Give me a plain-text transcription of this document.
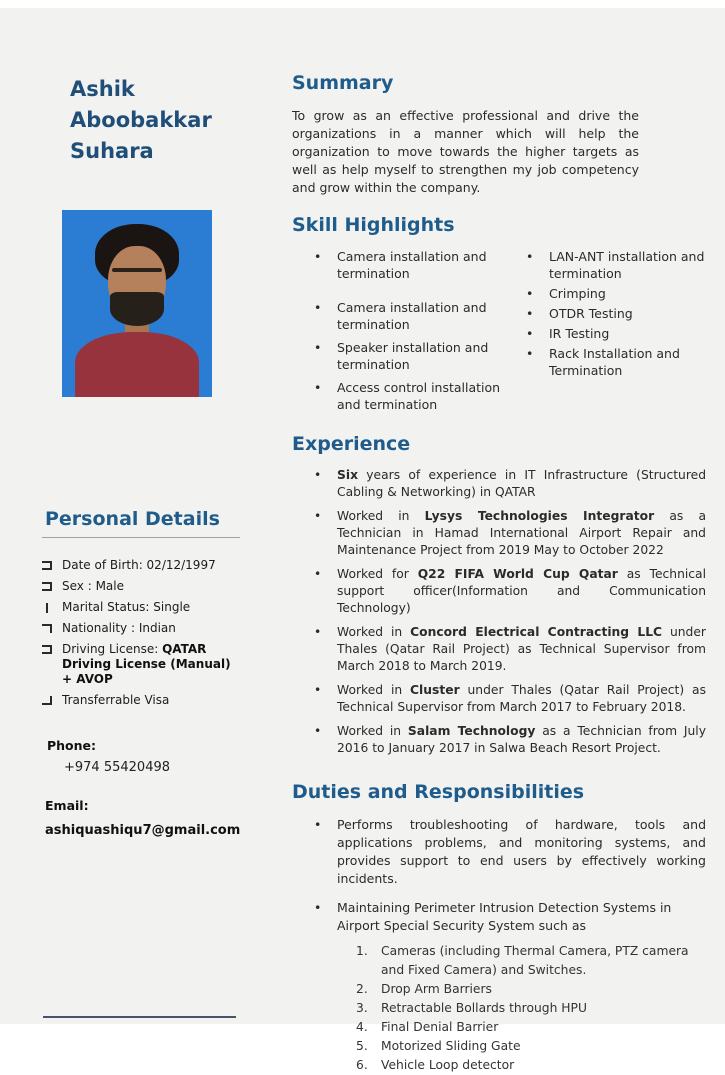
Ashik
Aboobakkar
Suhara
Personal Details
Date of Birth: 02/12/1997
Sex : Male
Marital Status: Single
Nationality : Indian
Driving License: QATAR Driving License (Manual) + AVOP
Transferrable Visa
Phone:
+974 55420498
Email:
ashiquashiqu7@gmail.com
Summary

To grow as an effective professional and drive the organizations in a manner which will help the organization to move towards the higher targets as well as help myself to strengthen my job competency and grow within the company.

Skill Highlights
•
Camera installation and termination
•
Camera installation and termination
•
Speaker installation and termination
•
Access control installation and termination
•
LAN-ANT installation and termination
•
Crimping
•
OTDR Testing
•
IR Testing
•
Rack Installation and Termination
Experience
•
Six years of experience in IT Infrastructure (Structured Cabling & Networking) in QATAR
•
Worked in Lysys Technologies Integrator as a Technician in Hamad International Airport Repair and Maintenance Project from 2019 May to October 2022
•
Worked for Q22 FIFA World Cup Qatar as Technical support officer(Information and Communication Technology)
•
Worked in Concord Electrical Contracting LLC under Thales (Qatar Rail Project) as Technical Supervisor from March 2018 to March 2019.
•
Worked in Cluster under Thales (Qatar Rail Project) as Technical Supervisor from March 2017 to February 2018.
•
Worked in Salam Technology as a Technician from July 2016 to January 2017 in Salwa Beach Resort Project.
Duties and Responsibilities
•
Performs troubleshooting of hardware, tools and applications problems, and monitoring systems, and provides support to end users by effectively working incidents.
•
Maintaining Perimeter Intrusion Detection Systems in Airport Special Security System such as
1.	Cameras (including Thermal Camera, PTZ camera and Fixed Camera) and Switches.
2.	Drop Arm Barriers
3.	Retractable Bollards through HPU
4.	Final Denial Barrier
5.	Motorized Sliding Gate
6.	Vehicle Loop detector
